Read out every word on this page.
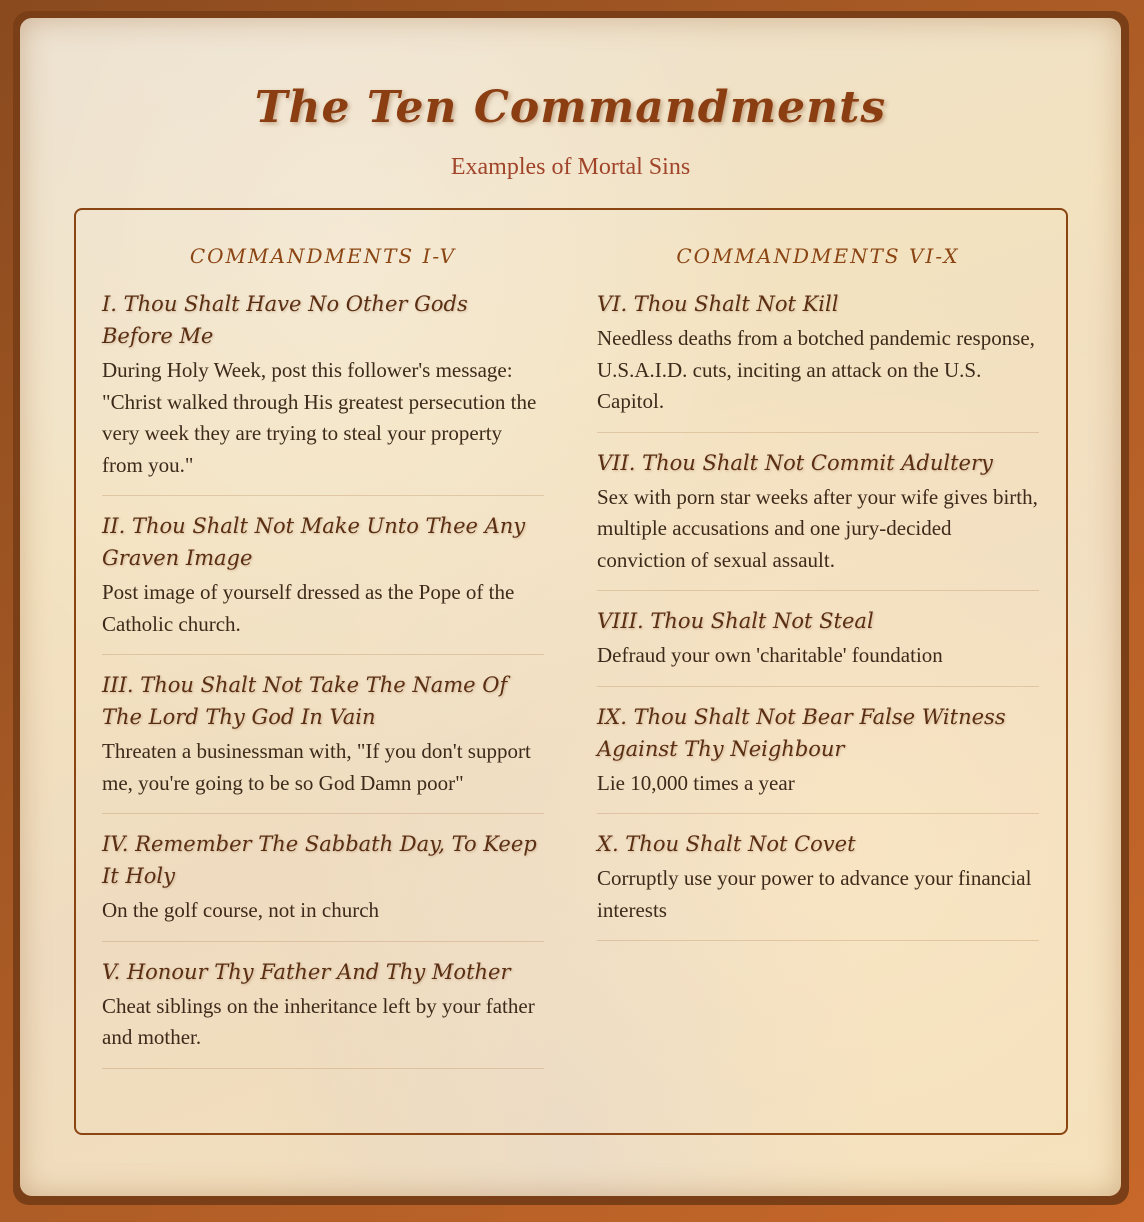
The Ten Commandments
Examples of Mortal Sins
COMMANDMENTS I-V
I. Thou Shalt Have No Other Gods Before Me
During Holy Week, post this follower's message: "Christ walked through His greatest persecution the very week they are trying to steal your property from you."
II. Thou Shalt Not Make Unto Thee Any Graven Image
Post image of yourself dressed as the Pope of the Catholic church.
III. Thou Shalt Not Take The Name Of The Lord Thy God In Vain
Threaten a businessman with, "If you don't support me, you're going to be so God Damn poor"
IV. Remember The Sabbath Day, To Keep It Holy
On the golf course, not in church
V. Honour Thy Father And Thy Mother
Cheat siblings on the inheritance left by your father and mother.
COMMANDMENTS VI-X
VI. Thou Shalt Not Kill
Needless deaths from a botched pandemic response, U.S.A.I.D. cuts, inciting an attack on the U.S. Capitol.
VII. Thou Shalt Not Commit Adultery
Sex with porn star weeks after your wife gives birth, multiple accusations and one jury-decided conviction of sexual assault.
VIII. Thou Shalt Not Steal
Defraud your own 'charitable' foundation
IX. Thou Shalt Not Bear False Witness Against Thy Neighbour
Lie 10,000 times a year
X. Thou Shalt Not Covet
Corruptly use your power to advance your financial interests
